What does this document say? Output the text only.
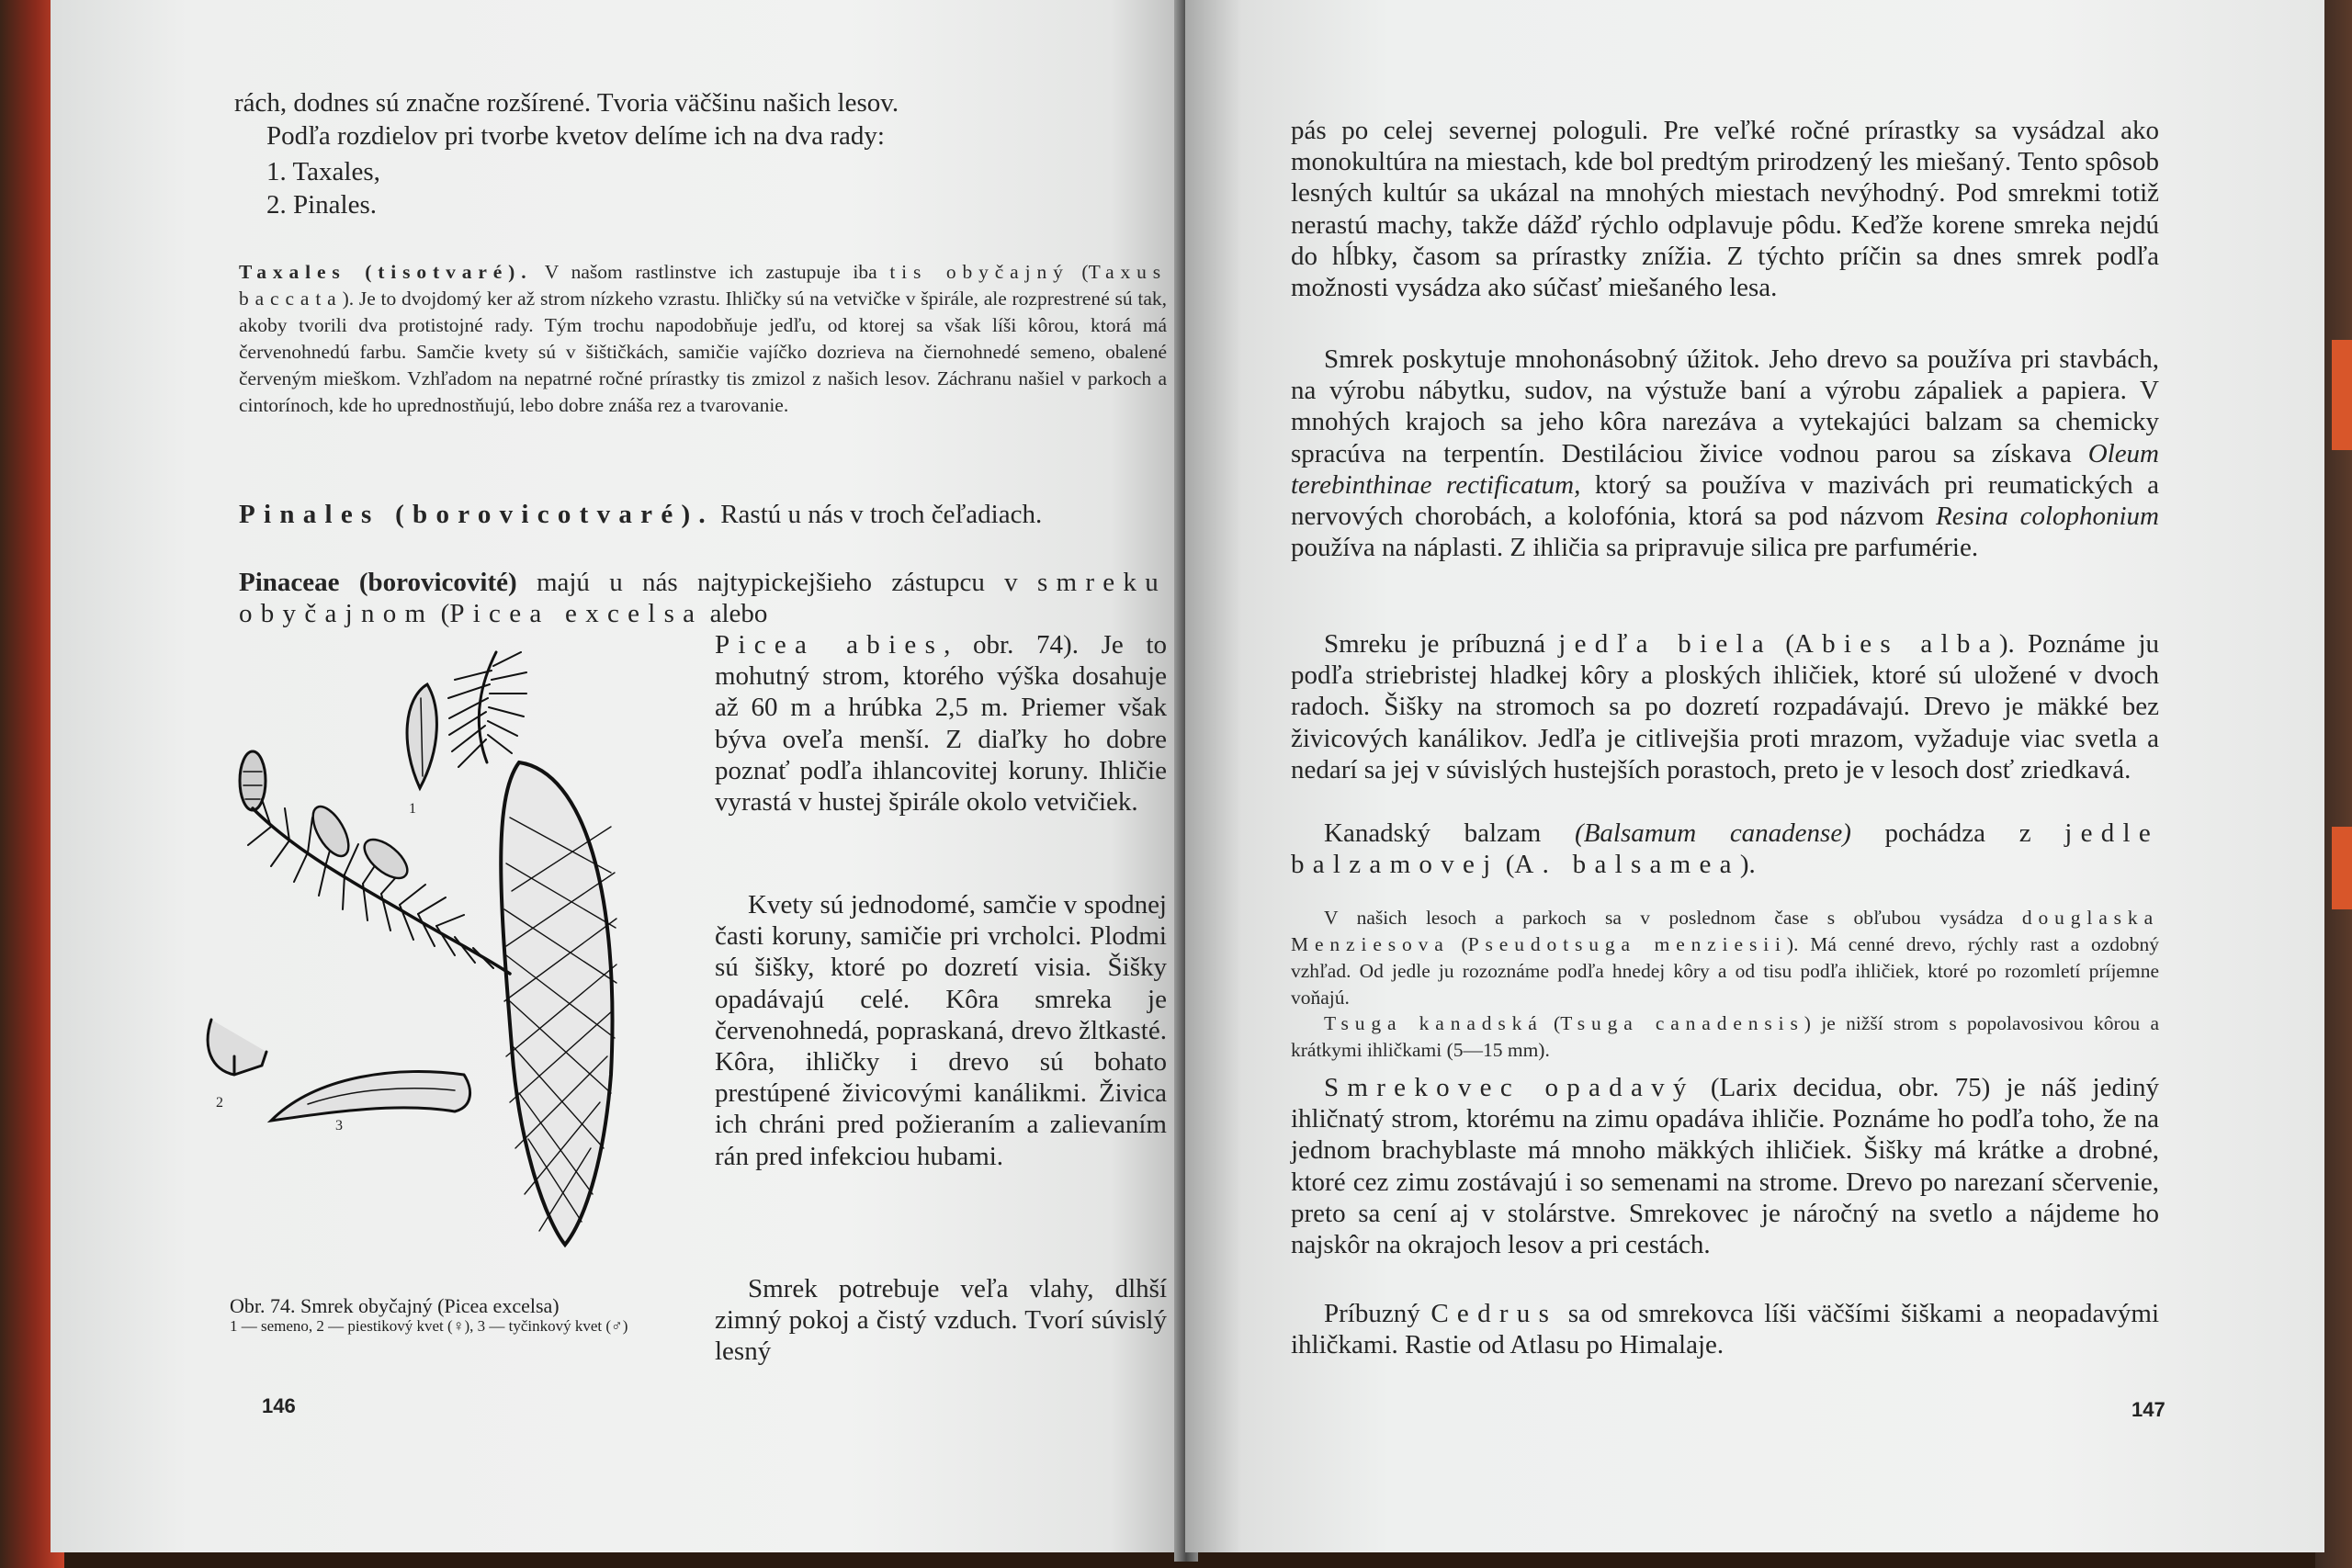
rách, dodnes sú značne rozšírené. Tvoria väčšinu našich lesov.

Podľa rozdielov pri tvorbe kvetov delíme ich na dva rady:

1. Taxales,

2. Pinales.

Taxales (tisotvaré). V našom rastlinstve ich zastupuje iba tis obyčajný (Taxus baccata). Je to dvojdomý ker až strom nízkeho vzrastu. Ihličky sú na vetvičke v špirále, ale rozprestrené sú tak, akoby tvorili dva protistojné rady. Tým trochu napodobňuje jedľu, od ktorej sa však líši kôrou, ktorá má červenohnedú farbu. Samčie kvety sú v šištičkách, samičie vajíčko dozrieva na čiernohnedé semeno, obalené červeným mieškom. Vzhľadom na nepatrné ročné prírastky tis zmizol z našich lesov. Záchranu našiel v parkoch a cintorínoch, kde ho uprednostňujú, lebo dobre znáša rez a tvarovanie.

Pinales (borovicotvaré). Rastú u nás v troch čeľadiach.

Pinaceae (borovicovité) majú u nás najtypickejšieho zástupcu v smreku obyčajnom (Picea excelsa alebo

Picea abies, obr. 74). Je to mohutný strom, ktorého výška dosahuje až 60 m a hrúbka 2,5 m. Priemer však býva oveľa menší. Z diaľky ho dobre poznať podľa ihlancovitej koruny. Ihličie vyrastá v hustej špirále okolo vetvičiek.

Kvety sú jednodomé, samčie v spodnej časti koruny, samičie pri vrcholci. Plodmi sú šišky, ktoré po dozretí visia. Šišky opadávajú celé. Kôra smreka je červenohnedá, popraskaná, drevo žltkasté. Kôra, ihličky i drevo sú bohato prestúpené živicovými kanálikmi. Živica ich chráni pred požieraním a zalievaním rán pred infekciou hubami.

Smrek potrebuje veľa vlahy, dlhší zimný pokoj a čistý vzduch. Tvorí súvislý lesný

1
2
3
Obr. 74. Smrek obyčajný (Picea excelsa)
1 — semeno, 2 — piestikový kvet (♀), 3 — tyčinkový kvet (♂)
146

pás po celej severnej pologuli. Pre veľké ročné prírastky sa vysádzal ako monokultúra na miestach, kde bol predtým prirodzený les miešaný. Tento spôsob lesných kultúr sa ukázal na mnohých miestach nevýhodný. Pod smrekmi totiž nerastú machy, takže dážď rýchlo odplavuje pôdu. Keďže korene smreka nejdú do hĺbky, časom sa prírastky znížia. Z týchto príčin sa dnes smrek podľa možnosti vysádza ako súčasť miešaného lesa.

Smrek poskytuje mnohonásobný úžitok. Jeho drevo sa používa pri stavbách, na výrobu nábytku, sudov, na výstuže baní a výrobu zápaliek a papiera. V mnohých krajoch sa jeho kôra narezáva a vytekajúci balzam sa chemicky spracúva na terpentín. Destiláciou živice vodnou parou sa získava Oleum terebinthinae rectificatum, ktorý sa používa v mazivách pri reumatických a nervových chorobách, a kolofónia, ktorá sa pod názvom Resina colophonium používa na náplasti. Z ihličia sa pripravuje silica pre parfumérie.

Smreku je príbuzná jedľa biela (Abies alba). Poznáme ju podľa striebristej hladkej kôry a ploských ihličiek, ktoré sú uložené v dvoch radoch. Šišky na stromoch sa po dozretí rozpadávajú. Drevo je mäkké bez živicových kanálikov. Jedľa je citlivejšia proti mrazom, vyžaduje viac svetla a nedarí sa jej v súvislých hustejších porastoch, preto je v lesoch dosť zriedkavá.

Kanadský balzam (Balsamum canadense) pochádza z jedle balzamovej (A. balsamea).

V našich lesoch a parkoch sa v poslednom čase s obľubou vysádza douglaska Menziesova (Pseudotsuga menziesii). Má cenné drevo, rýchly rast a ozdobný vzhľad. Od jedle ju rozoznáme podľa hnedej kôry a od tisu podľa ihličiek, ktoré po rozomletí príjemne voňajú.

Tsuga kanadská (Tsuga canadensis) je nižší strom s popolavosivou kôrou a krátkymi ihličkami (5—15 mm).

Smrekovec opadavý (Larix decidua, obr. 75) je náš jediný ihličnatý strom, ktorému na zimu opadáva ihličie. Poznáme ho podľa toho, že na jednom brachyblaste má mnoho mäkkých ihličiek. Šišky má krátke a drobné, ktoré cez zimu zostávajú i so semenami na strome. Drevo po narezaní sčervenie, preto sa cení aj v stolárstve. Smrekovec je náročný na svetlo a nájdeme ho najskôr na okrajoch lesov a pri cestách.

Príbuzný Cedrus sa od smrekovca líši väčšími šiškami a neopadavými ihličkami. Rastie od Atlasu po Himalaje.

147
